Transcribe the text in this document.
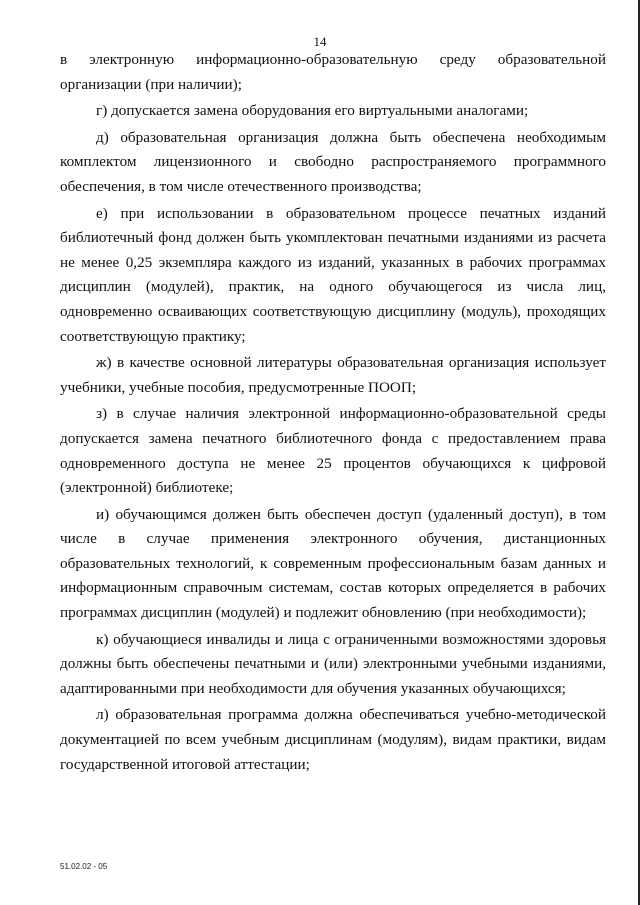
14

в электронную информационно-образовательную среду образовательной организации (при наличии);

г) допускается замена оборудования его виртуальными аналогами;

д) образовательная организация должна быть обеспечена необходимым комплектом лицензионного и свободно распространяемого программного обеспечения, в том числе отечественного производства;

е) при использовании в образовательном процессе печатных изданий библиотечный фонд должен быть укомплектован печатными изданиями из расчета не менее 0,25 экземпляра каждого из изданий, указанных в рабочих программах дисциплин (модулей), практик, на одного обучающегося из числа лиц, одновременно осваивающих соответствующую дисциплину (модуль), проходящих соответствующую практику;

ж) в качестве основной литературы образовательная организация использует учебники, учебные пособия, предусмотренные ПООП;

з) в случае наличия электронной информационно-образовательной среды допускается замена печатного библиотечного фонда с предоставлением права одновременного доступа не менее 25 процентов обучающихся к цифровой (электронной) библиотеке;

и) обучающимся должен быть обеспечен доступ (удаленный доступ), в том числе в случае применения электронного обучения, дистанционных образовательных технологий, к современным профессиональным базам данных и информационным справочным системам, состав которых определяется в рабочих программах дисциплин (модулей) и подлежит обновлению (при необходимости);

к) обучающиеся инвалиды и лица с ограниченными возможностями здоровья должны быть обеспечены печатными и (или) электронными учебными изданиями, адаптированными при необходимости для обучения указанных обучающихся;

л) образовательная программа должна обеспечиваться учебно-методической документацией по всем учебным дисциплинам (модулям), видам практики, видам государственной итоговой аттестации;

51.02.02 - 05
